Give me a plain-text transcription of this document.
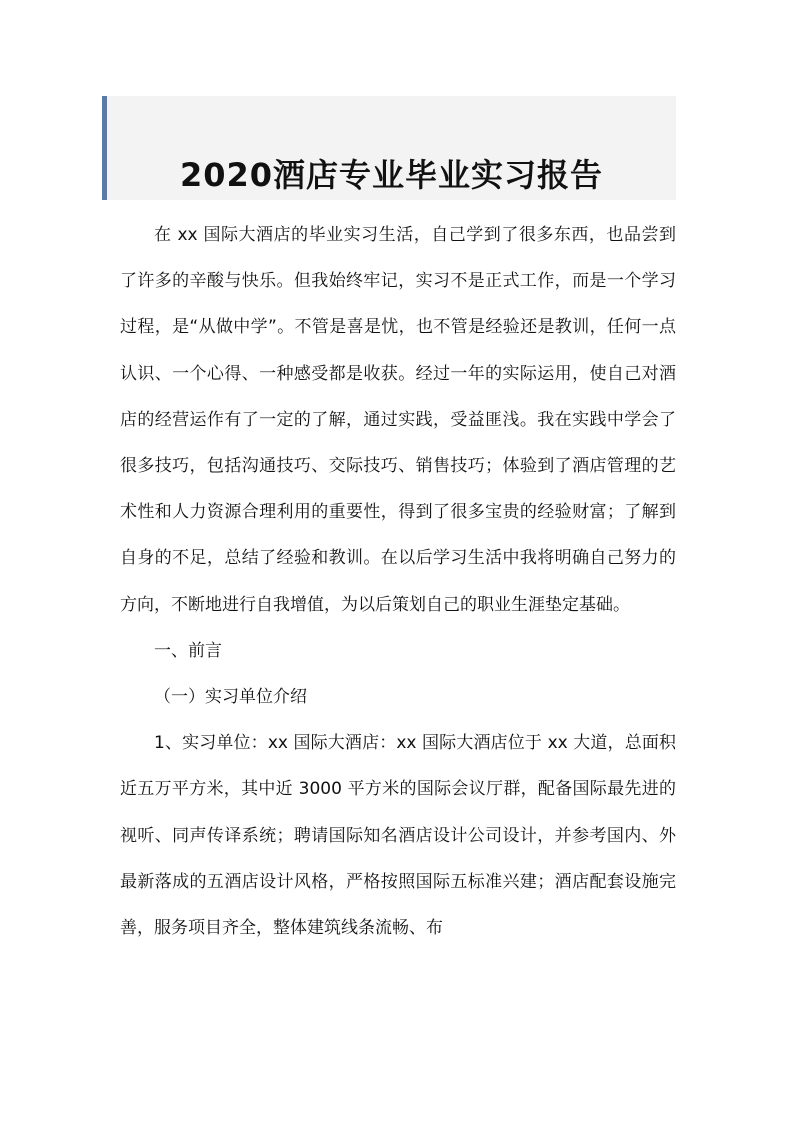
2020酒店专业毕业实习报告

在 xx 国际大酒店的毕业实习生活，自己学到了很多东西，也品尝到了许多的辛酸与快乐。但我始终牢记，实习不是正式工作，而是一个学习过程，是“从做中学”。不管是喜是忧，也不管是经验还是教训，任何一点认识、一个心得、一种感受都是收获。经过一年的实际运用，使自己对酒店的经营运作有了一定的了解，通过实践，受益匪浅。我在实践中学会了很多技巧，包括沟通技巧、交际技巧、销售技巧；体验到了酒店管理的艺术性和人力资源合理利用的重要性，得到了很多宝贵的经验财富；了解到自身的不足，总结了经验和教训。在以后学习生活中我将明确自己努力的方向，不断地进行自我增值，为以后策划自己的职业生涯垫定基础。

一、前言

（一）实习单位介绍

1、实习单位：xx 国际大酒店：xx 国际大酒店位于 xx 大道，总面积近五万平方米，其中近 3000 平方米的国际会议厅群，配备国际最先进的视听、同声传译系统；聘请国际知名酒店设计公司设计，并参考国内、外最新落成的五酒店设计风格，严格按照国际五标准兴建；酒店配套设施完善，服务项目齐全，整体建筑线条流畅、布
